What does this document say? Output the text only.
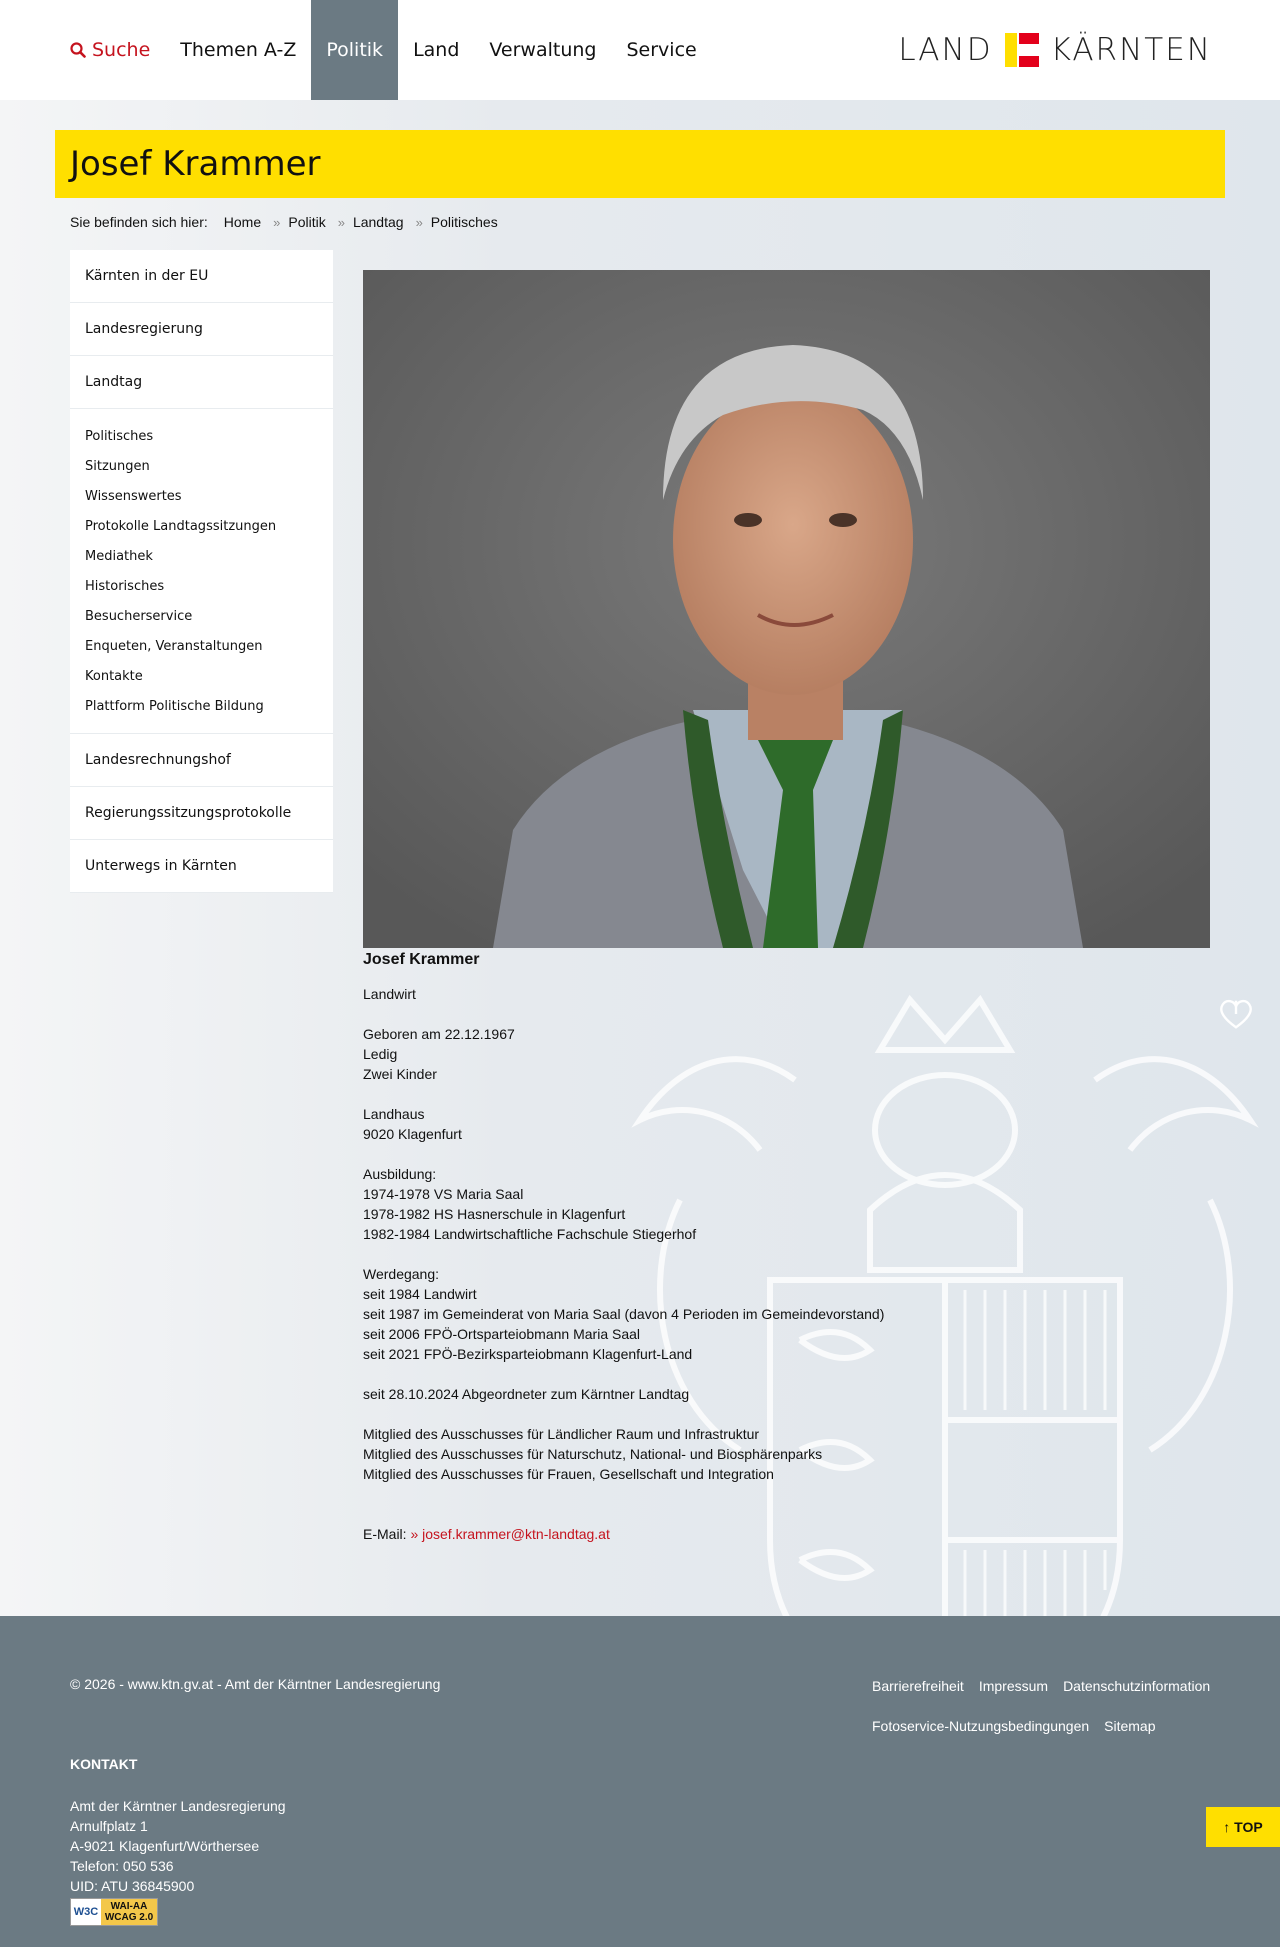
Suche	Themen A-Z	Politik	Land	Verwaltung	Service	LAND KÄRNTEN
Josef Krammer
Sie befinden sich hier: Home » Politik » Landtag » Politisches
Kärnten in der EU
Landesregierung
Landtag
Politisches
Sitzungen
Wissenswertes
Protokolle Landtagssitzungen
Mediathek
Historisches
Besucherservice
Enqueten, Veranstaltungen
Kontakte
Plattform Politische Bildung
Landesrechnungshof
Regierungssitzungsprotokolle
Unterwegs in Kärnten
Josef Krammer
Landwirt
Geboren am 22.12.1967
Ledig
Zwei Kinder
Landhaus
9020 Klagenfurt
Ausbildung:
1974-1978 VS Maria Saal
1978-1982 HS Hasnerschule in Klagenfurt
1982-1984 Landwirtschaftliche Fachschule Stiegerhof
Werdegang:
seit 1984 Landwirt
seit 1987 im Gemeinderat von Maria Saal (davon 4 Perioden im Gemeindevorstand)
seit 2006 FPÖ-Ortsparteiobmann Maria Saal
seit 2021 FPÖ-Bezirksparteiobmann Klagenfurt-Land
seit 28.10.2024 Abgeordneter zum Kärntner Landtag
Mitglied des Ausschusses für Ländlicher Raum und Infrastruktur
Mitglied des Ausschusses für Naturschutz, National- und Biosphärenparks
Mitglied des Ausschusses für Frauen, Gesellschaft und Integration
E-Mail: » josef.krammer@ktn-landtag.at
© 2026 - www.ktn.gv.at - Amt der Kärntner Landesregierung	Barrierefreiheit Impressum Datenschutzinformation
Fotoservice-Nutzungsbedingungen Sitemap
KONTAKT
Amt der Kärntner Landesregierung
Arnulfplatz 1
A-9021 Klagenfurt/Wörthersee
Telefon: 050 536
UID: ATU 36845900
W3C WAI-AA
WCAG 2.0
↑ TOP
